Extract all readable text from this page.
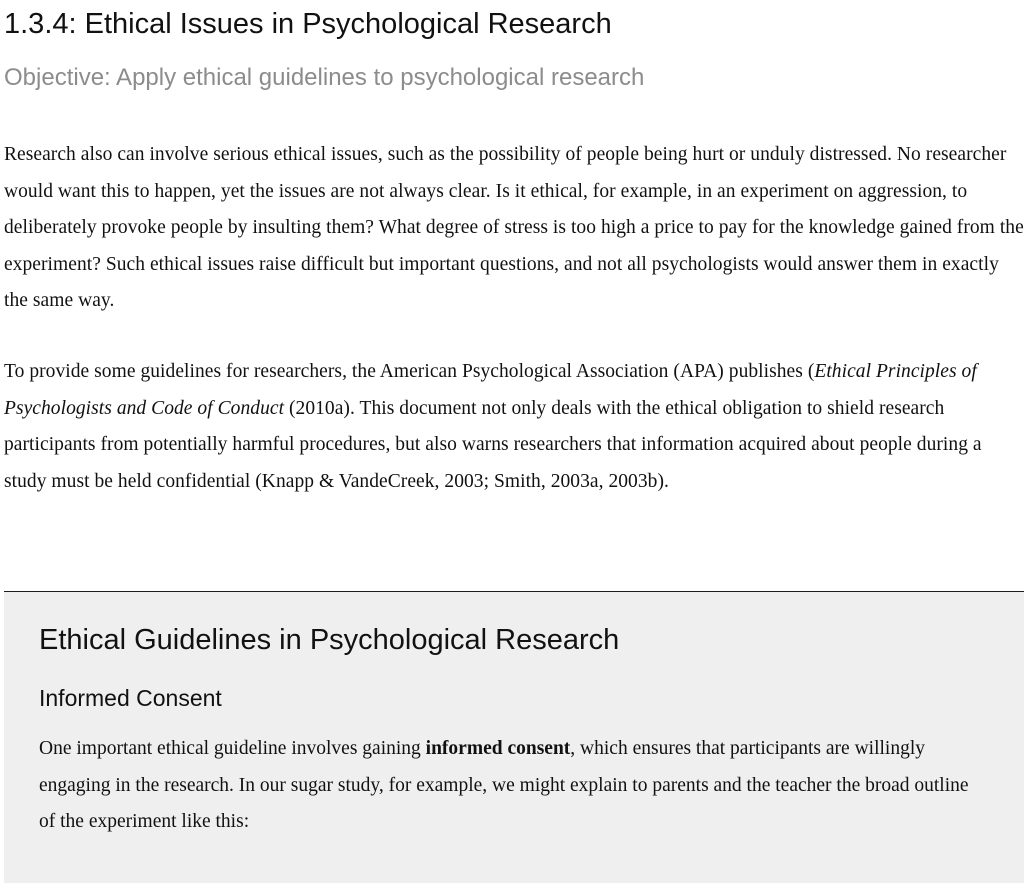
1.3.4: Ethical Issues in Psychological Research

Objective: Apply ethical guidelines to psychological research

Research also can involve serious ethical issues, such as the possibility of people being hurt or unduly distressed. No researcher would want this to happen, yet the issues are not always clear. Is it ethical, for example, in an experiment on aggression, to deliberately provoke people by insulting them? What degree of stress is too high a price to pay for the knowledge gained from the experiment? Such ethical issues raise difficult but important questions, and not all psychologists would answer them in exactly the same way.

To provide some guidelines for researchers, the American Psychological Association (APA) publishes (Ethical Principles of Psychologists and Code of Conduct (2010a). This document not only deals with the ethical obligation to shield research participants from potentially harmful procedures, but also warns researchers that information acquired about people during a study must be held confidential (Knapp & VandeCreek, 2003; Smith, 2003a, 2003b).

Ethical Guidelines in Psychological Research
Informed Consent

One important ethical guideline involves gaining informed consent, which ensures that participants are willingly engaging in the research. In our sugar study, for example, we might explain to parents and the teacher the broad outline of the experiment like this:
